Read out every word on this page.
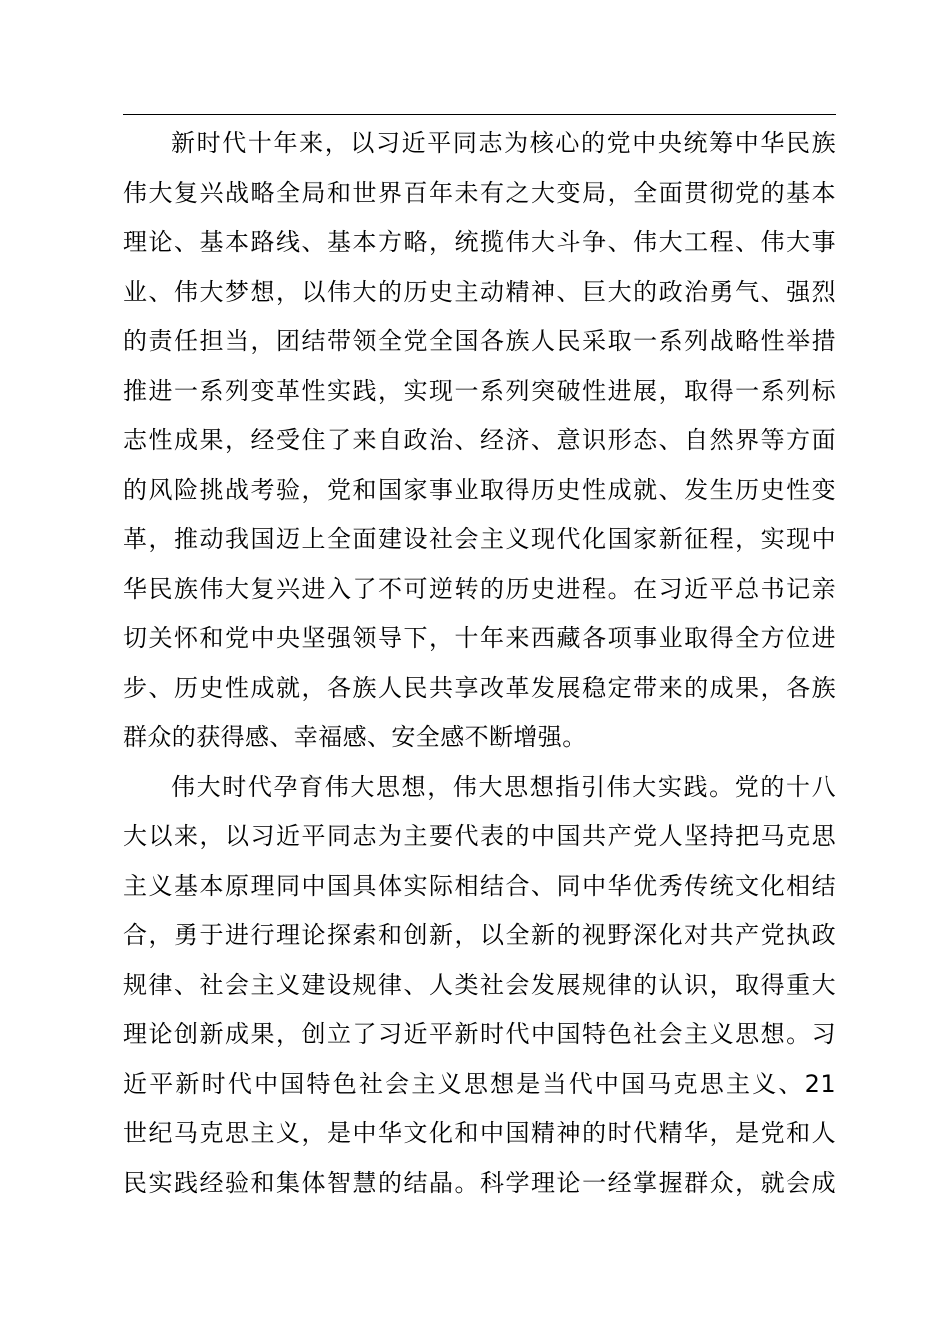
新时代十年来，以习近平同志为核心的党中央统筹中华民族
伟大复兴战略全局和世界百年未有之大变局，全面贯彻党的基本
理论、基本路线、基本方略，统揽伟大斗争、伟大工程、伟大事
业、伟大梦想，以伟大的历史主动精神、巨大的政治勇气、强烈
的责任担当，团结带领全党全国各族人民采取一系列战略性举措
推进一系列变革性实践，实现一系列突破性进展，取得一系列标
志性成果，经受住了来自政治、经济、意识形态、自然界等方面
的风险挑战考验，党和国家事业取得历史性成就、发生历史性变
革，推动我国迈上全面建设社会主义现代化国家新征程，实现中
华民族伟大复兴进入了不可逆转的历史进程。在习近平总书记亲
切关怀和党中央坚强领导下，十年来西藏各项事业取得全方位进
步、历史性成就，各族人民共享改革发展稳定带来的成果，各族
群众的获得感、幸福感、安全感不断增强。
伟大时代孕育伟大思想，伟大思想指引伟大实践。党的十八
大以来，以习近平同志为主要代表的中国共产党人坚持把马克思
主义基本原理同中国具体实际相结合、同中华优秀传统文化相结
合，勇于进行理论探索和创新，以全新的视野深化对共产党执政
规律、社会主义建设规律、人类社会发展规律的认识，取得重大
理论创新成果，创立了习近平新时代中国特色社会主义思想。习
近平新时代中国特色社会主义思想是当代中国马克思主义、21
世纪马克思主义，是中华文化和中国精神的时代精华，是党和人
民实践经验和集体智慧的结晶。科学理论一经掌握群众，就会成
